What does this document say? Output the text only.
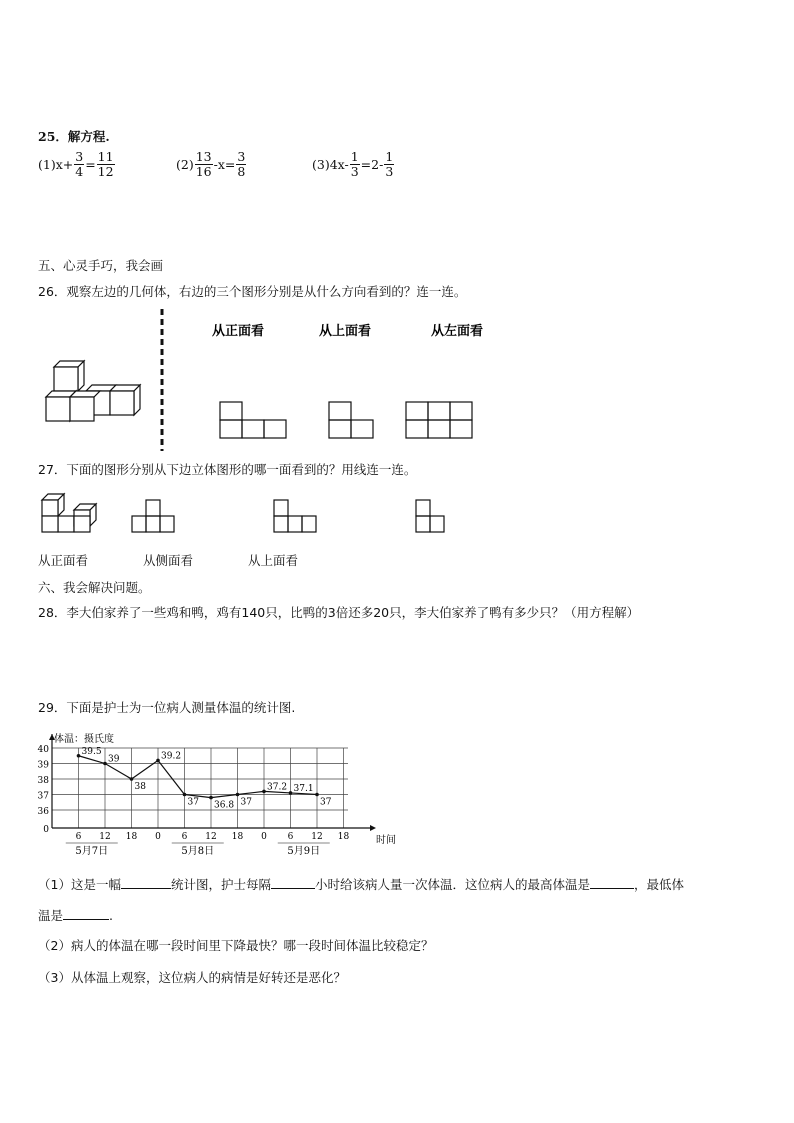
25．解方程.
$(1)x+ \frac{3}{4} = \frac{11}{12}$	$(2) \frac{13}{16} -x= \frac{3}{8}$	$(3)4x- \frac{1}{3} =2- \frac{1}{3}$
五、心灵手巧，我会画
26．观察左边的几何体，右边的三个图形分别是从什么方向看到的？连一连。
从正面看	从上面看	从左面看
27．下面的图形分别从下边立体图形的哪一面看到的？用线连一连。
从正面看	从侧面看	从上面看
六、我会解决问题。
28．李大伯家养了一些鸡和鸭，鸡有140只，比鸭的3倍还多20只，李大伯家养了鸭有多少只？（用方程解）
29．下面是护士为一位病人测量体温的统计图.
0
36
37
38
39
40
体温：摄氏度
时间
6 12 18 0 6 12 18 0 6 12 18
5月7日	5月8日	5月9日
39.5
39
38
39.2
37 36.8 37
37.2 37.1
37
（1）这是一幅	统计图，护士每隔	小时给该病人量一次体温．这位病人的最高体温是	，最低体
温是	.
（2）病人的体温在哪一段时间里下降最快？哪一段时间体温比较稳定？
（3）从体温上观察，这位病人的病情是好转还是恶化？
